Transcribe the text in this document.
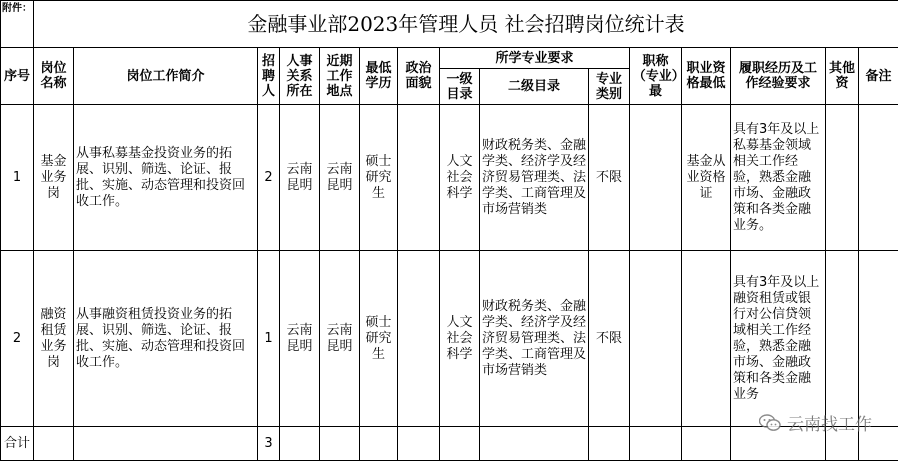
附件：	金融事业部2023年管理人员 社会招聘岗位统计表														
序号	岗位名称	岗位工作简介	招聘人	人事关系所在	近期工作地点	最低学历	政治面貌	所学专业要求			职称（专业）最	职业资格最低	履职经历及工作经验要求	其他资	备注
								一级目录	二级目录	专业类别					
1	基金业务岗	从事私募基金投资业务的拓展、识别、筛选、论证、报批、实施、动态管理和投资回收工作。	2	云南昆明	云南昆明	硕士研究生		人文社会科学	财政税务类、金融学类、经济学及经济贸易管理类、法学类、工商管理及市场营销类	不限		基金从业资格证	具有3年及以上私募基金领域相关工作经验，熟悉金融市场、金融政策和各类金融业务。		
2	融资租赁业务岗	从事融资租赁投资业务的拓展、识别、筛选、论证、报批、实施、动态管理和投资回收工作。	1	云南昆明	云南昆明	硕士研究生		人文社会科学	财政税务类、金融学类、经济学及经济贸易管理类、法学类、工商管理及市场营销类	不限			具有3年及以上融资租赁或银行对公信贷领域相关工作经验，熟悉金融市场、金融政策和各类金融业务		
合计			3												
云南找工作
